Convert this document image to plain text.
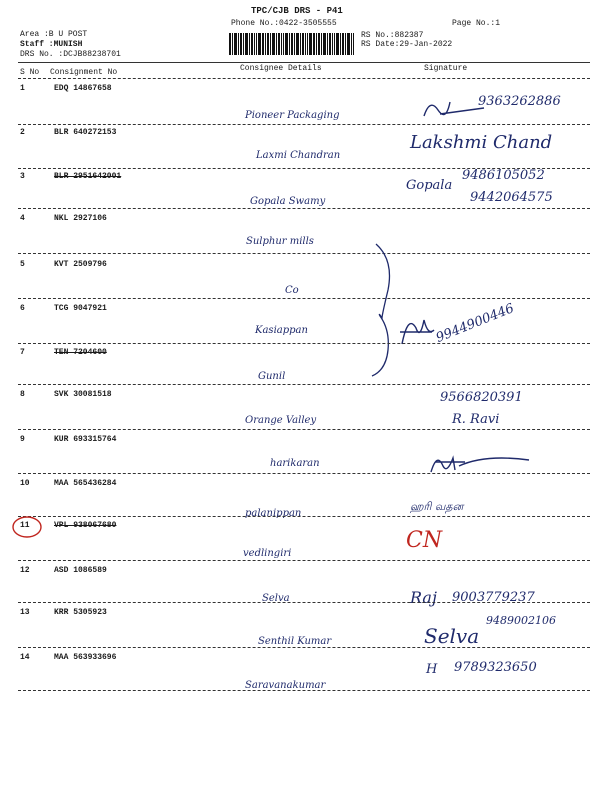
TPC/CJB DRS - P41
Phone No.:0422-3505555	Page No.:1
Area :B U POST
Staff :MUNISH
DRS No. :DCJB88238701
RS No.:882387
RS Date:29-Jan-2022
S No Consignment No	Consignee Details	Signature
1	EDQ 14867658
Pioneer Packaging
9363262886
2	BLR 640272153
Laxmi Chandran
Lakshmi Chand
3	BLR 2951642001
Gopala Swamy
Gopala
9486105052
9442064575
4	NKL 2927106
Sulphur mills
5	KVT 2509796
Co
6	TCG 9047921
Kasiappan	9944900446
7	TEN 7204600
Gunil
8	SVK 30081518
Orange Valley
9566820391
R. Ravi
9	KUR 693315764
harikaran
10	MAA 565436284
palanippan
ஹரி வதன
11	VPL 938067680
vedlingiri
CN
12	ASD 1086589
Selva	Raj 9003779237
13	KRR 5305923
Senthil Kumar	Selva
9489002106
14	MAA 563933696
Saravanakumar
H 9789323650
